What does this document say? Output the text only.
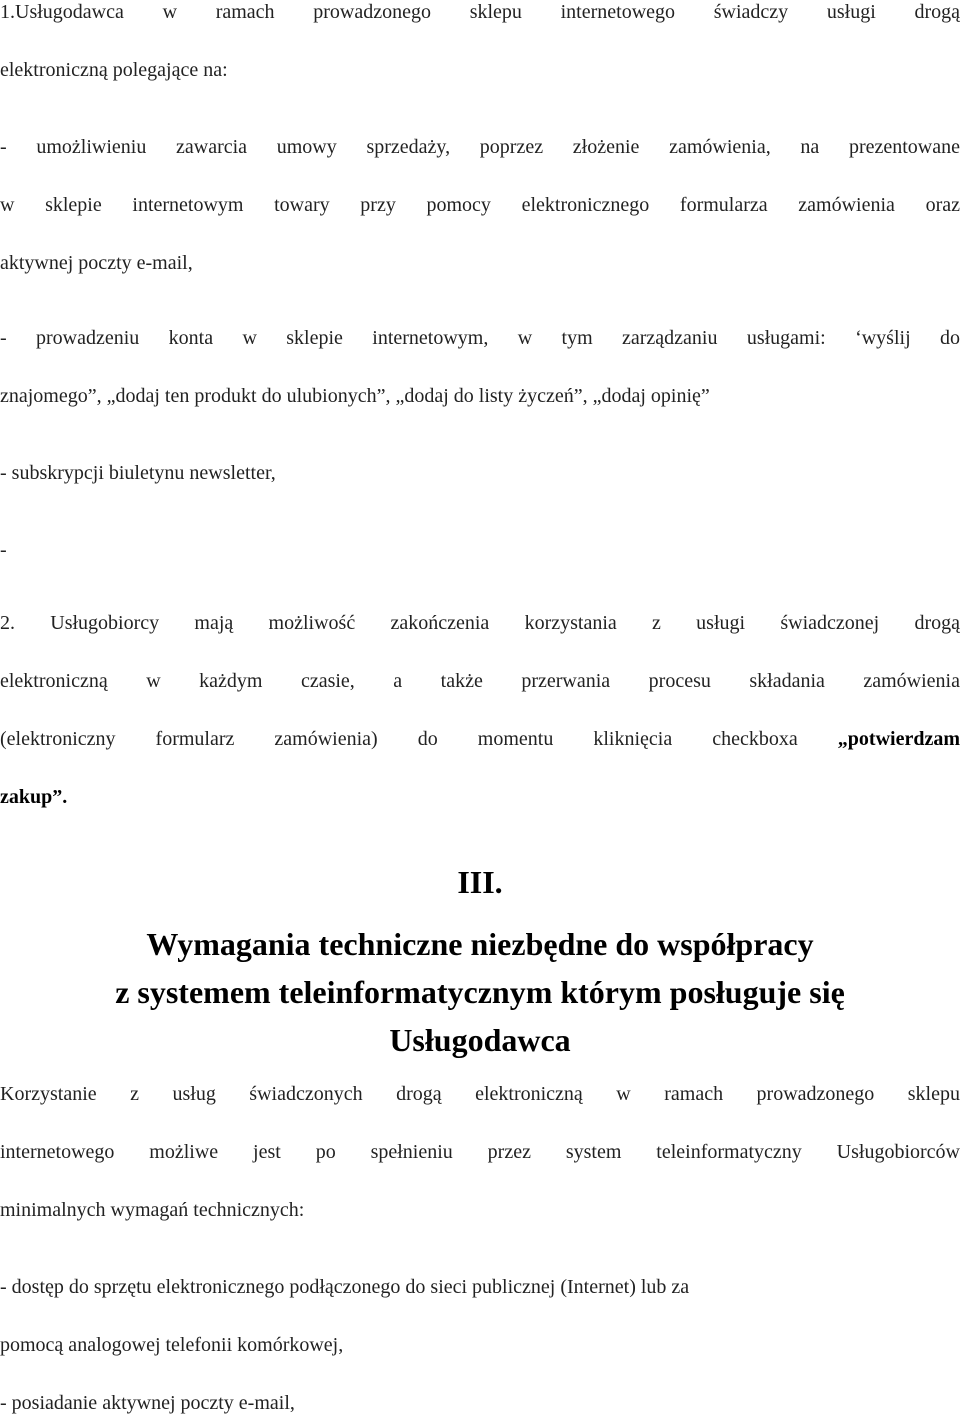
1.Usługodawca w ramach prowadzonego sklepu internetowego świadczy usługi drogą

elektroniczną polegające na:

- umożliwieniu zawarcia umowy sprzedaży, poprzez złożenie zamówienia, na prezentowane

w sklepie internetowym towary przy pomocy elektronicznego formularza zamówienia oraz

aktywnej poczty e-mail,

- prowadzeniu konta w sklepie internetowym, w tym zarządzaniu usługami: ‘wyślij do

znajomego”, „dodaj ten produkt do ulubionych”, „dodaj do listy życzeń”, „dodaj opinię”

- subskrypcji biuletynu newsletter,

-

2. Usługobiorcy mają możliwość zakończenia korzystania z usługi świadczonej drogą

elektroniczną w każdym czasie, a także przerwania procesu składania zamówienia

(elektroniczny formularz zamówienia) do momentu kliknięcia checkboxa „potwierdzam

zakup”.

III.

Wymagania techniczne niezbędne do współpracy

z systemem teleinformatycznym którym posługuje się

Usługodawca

Korzystanie z usług świadczonych drogą elektroniczną w ramach prowadzonego sklepu

internetowego możliwe jest po spełnieniu przez system teleinformatyczny Usługobiorców

minimalnych wymagań technicznych:

- dostęp do sprzętu elektronicznego podłączonego do sieci publicznej (Internet) lub za

pomocą analogowej telefonii komórkowej,

- posiadanie aktywnej poczty e-mail,
